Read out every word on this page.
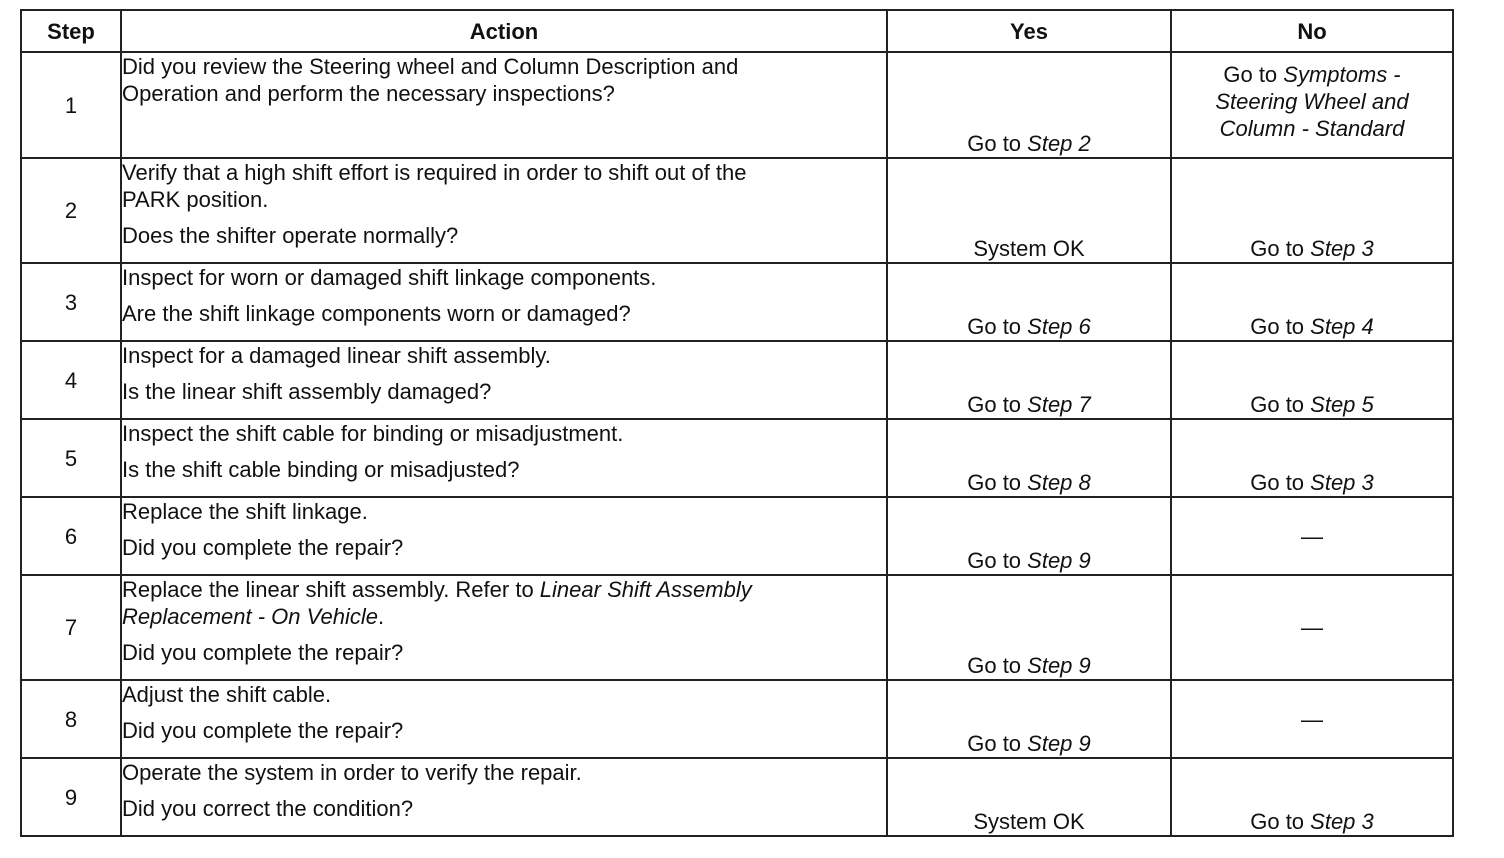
Step	Action	Yes	No
1	Did you review the Steering wheel and Column Description and
Operation and perform the necessary inspections?	Go to Step 2	Go to Symptoms -
Steering Wheel and
Column - Standard

2	Verify that a high shift effort is required in order to shift out of the
PARK position.
Does the shifter operate normally?	System OK	Go to Step 3
3	Inspect for worn or damaged shift linkage components.
Are the shift linkage components worn or damaged?	Go to Step 6	Go to Step 4
4	Inspect for a damaged linear shift assembly.
Is the linear shift assembly damaged?	Go to Step 7	Go to Step 5
5	Inspect the shift cable for binding or misadjustment.
Is the shift cable binding or misadjusted?	Go to Step 8	Go to Step 3
6	Replace the shift linkage.
Did you complete the repair?	Go to Step 9	—
7	Replace the linear shift assembly. Refer to Linear Shift Assembly
Replacement - On Vehicle.
Did you complete the repair?	Go to Step 9	—
8	Adjust the shift cable.
Did you complete the repair?	Go to Step 9	—
9	Operate the system in order to verify the repair.
Did you correct the condition?	System OK	Go to Step 3
